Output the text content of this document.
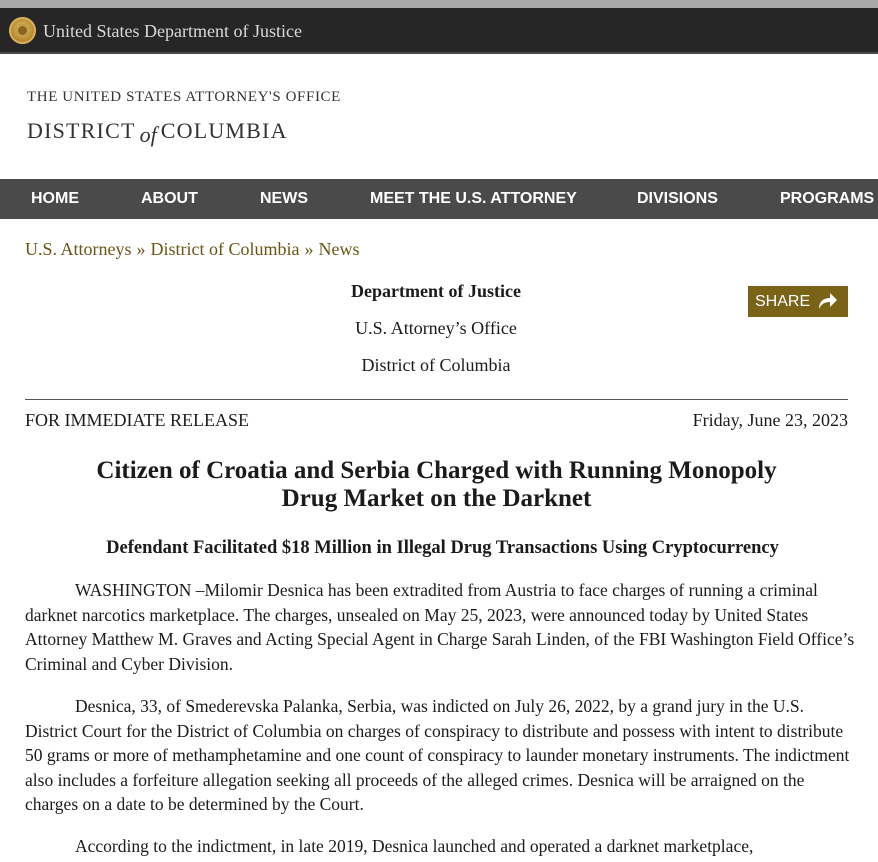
United States Department of Justice
THE UNITED STATES ATTORNEY'S OFFICE
DISTRICT of COLUMBIA
HOME	ABOUT	NEWS	MEET THE U.S. ATTORNEY	DIVISIONS	PROGRAMS
U.S. Attorneys » District of Columbia » News
Department of Justice
U.S. Attorney’s Office
District of Columbia
SHARE
FOR IMMEDIATE RELEASE	Friday, June 23, 2023
Citizen of Croatia and Serbia Charged with Running Monopoly
Drug Market on the Darknet
Defendant Facilitated $18 Million in Illegal Drug Transactions Using Cryptocurrency

WASHINGTON –Milomir Desnica has been extradited from Austria to face charges of running a criminal darknet narcotics marketplace. The charges, unsealed on May 25, 2023, were announced today by United States Attorney Matthew M. Graves and Acting Special Agent in Charge Sarah Linden, of the FBI Washington Field Office’s Criminal and Cyber Division.

Desnica, 33, of Smederevska Palanka, Serbia, was indicted on July 26, 2022, by a grand jury in the U.S. District Court for the District of Columbia on charges of conspiracy to distribute and possess with intent to distribute 50 grams or more of methamphetamine and one count of conspiracy to launder monetary instruments. The indictment also includes a forfeiture allegation seeking all proceeds of the alleged crimes. Desnica will be arraigned on the charges on a date to be determined by the Court.

According to the indictment, in late 2019, Desnica launched and operated a darknet marketplace,
